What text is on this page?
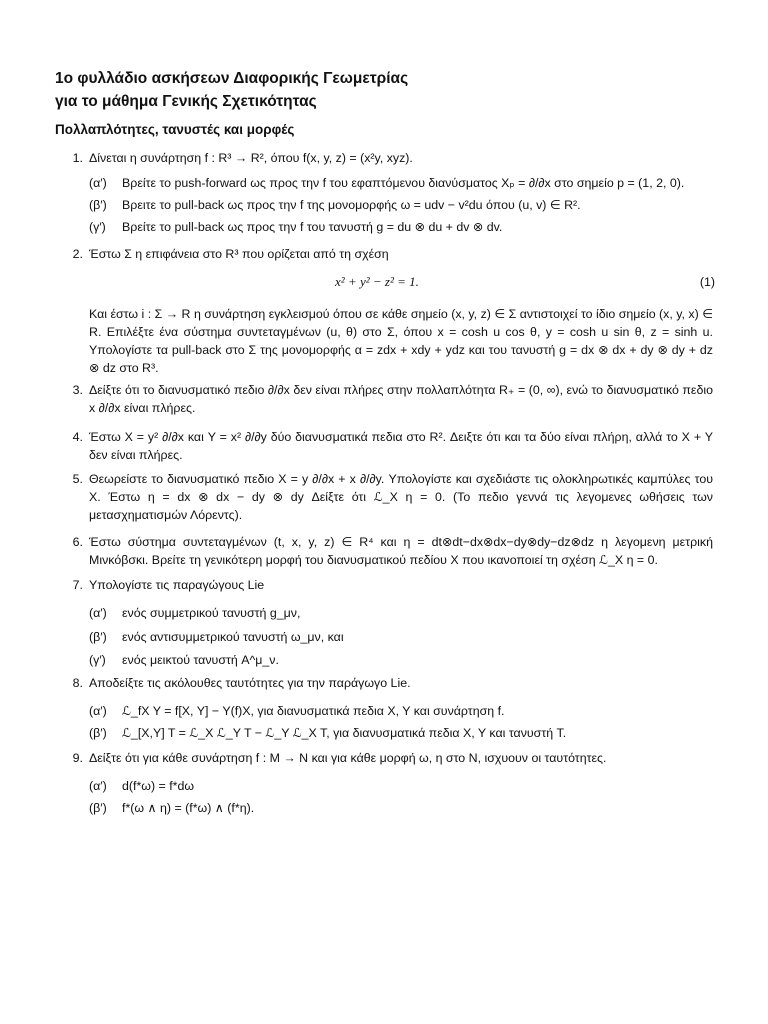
1ο φυλλάδιο ασκήσεων Διαφορικής Γεωμετρίας
για το μάθημα Γενικής Σχετικότητας
Πολλαπλότητες, τανυστές και μορφές
1. Δίνεται η συνάρτηση f : R³ → R², όπου f(x, y, z) = (x²y, xyz).
(α′) Βρείτε το push-forward ως προς την f του εφαπτόμενου διανύσματος Xₚ = ∂/∂x στο σημείο p = (1, 2, 0).
(β′) Βρειτε το pull-back ως προς την f της μονομορφής ω = udv − v²du όπου (u, v) ∈ R².
(γ′) Βρείτε το pull-back ως προς την f του τανυστή g = du ⊗ du + dv ⊗ dv.
2. Έστω Σ η επιφάνεια στο R³ που ορίζεται από τη σχέση
x² + y² − z² = 1.	(1)
Και έστω i : Σ → R η συνάρτηση εγκλεισμού όπου σε κάθε σημείο (x, y, z) ∈ Σ αντιστοιχεί το ίδιο σημείο (x, y, x) ∈ R. Επιλέξτε ένα σύστημα συντεταγμένων (u, θ) στο Σ, όπου x = cosh u cos θ, y = cosh u sin θ, z = sinh u. Υπολογίστε τα pull-back στο Σ της μονομορφής α = zdx + xdy + ydz και του τανυστή g = dx ⊗ dx + dy ⊗ dy + dz ⊗ dz στο R³.
3. Δείξτε ότι το διανυσματικό πεδιο ∂/∂x δεν είναι πλήρες στην πολλαπλότητα R₊ = (0, ∞), ενώ το διανυσματικό πεδιο x ∂/∂x είναι πλήρες.
4. Έστω X = y² ∂/∂x και Y = x² ∂/∂y δύο διανυσματικά πεδια στο R². Δειξτε ότι και τα δύο είναι πλήρη, αλλά το X + Y δεν είναι πλήρες.
5. Θεωρείστε το διανυσματικό πεδιο X = y ∂/∂x + x ∂/∂y. Υπολογίστε και σχεδιάστε τις ολοκληρωτικές καμπύλες του X. Έστω η = dx ⊗ dx − dy ⊗ dy Δείξτε ότι ℒ_X η = 0. (Το πεδιο γεννά τις λεγομενες ωθήσεις των μετασχηματισμών Λόρεντς).
6. Έστω σύστημα συντεταγμένων (t, x, y, z) ∈ R⁴ και η = dt⊗dt−dx⊗dx−dy⊗dy−dz⊗dz η λεγομενη μετρική Μινκόβσκι. Βρείτε τη γενικότερη μορφή του διανυσματικού πεδίου X που ικανοποιεί τη σχέση ℒ_X η = 0.
7. Υπολογίστε τις παραγώγους Lie
(α′) ενός συμμετρικού τανυστή g_μν,
(β′) ενός αντισυμμετρικού τανυστή ω_μν, και
(γ′) ενός μεικτού τανυστή A^μ_ν.
8. Αποδείξτε τις ακόλουθες ταυτότητες για την παράγωγο Lie.
(α′) ℒ_fX Y = f[X, Y] − Y(f)X, για διανυσματικά πεδια X, Y και συνάρτηση f.
(β′) ℒ_[X,Y] T = ℒ_X ℒ_Y T − ℒ_Y ℒ_X T, για διανυσματικά πεδια X, Y και τανυστή T.
9. Δείξτε ότι για κάθε συνάρτηση f : M → N και για κάθε μορφή ω, η στο N, ισχυουν οι ταυτότητες.
(α′) d(f*ω) = f*dω
(β′) f*(ω ∧ η) = (f*ω) ∧ (f*η).
